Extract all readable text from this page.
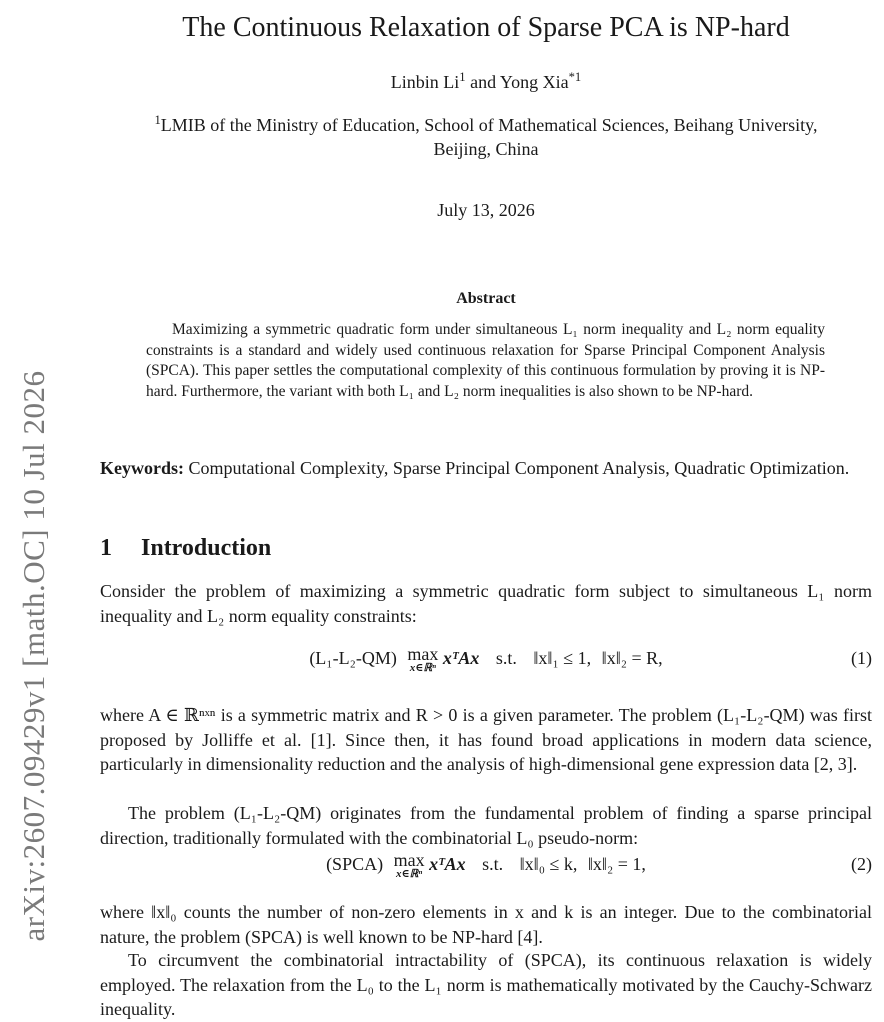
arXiv:2607.09429v1 [math.OC] 10 Jul 2026
The Continuous Relaxation of Sparse PCA is NP-hard
Linbin Li$^1$ and Yong Xia$^{*1}$
$^1$LMIB of the Ministry of Education, School of Mathematical Sciences, Beihang University, Beijing, China
July 13, 2026
Abstract
Maximizing a symmetric quadratic form under simultaneous L₁ norm inequality and L₂ norm equality constraints is a standard and widely used continuous relaxation for Sparse Principal Component Analysis (SPCA). This paper settles the computational complexity of this continuous formulation by proving it is NP-hard. Furthermore, the variant with both L₁ and L₂ norm inequalities is also shown to be NP-hard.
Keywords: Computational Complexity, Sparse Principal Component Analysis, Quadratic Optimization.
1 Introduction
Consider the problem of maximizing a symmetric quadratic form subject to simultaneous L₁ norm inequality and L₂ norm equality constraints:
(L₁-L₂-QM) max
x∈ℝⁿ xᵀAx s.t. ‖x‖₁ ≤ 1, ‖x‖₂ = R,	(1)
where A ∈ ℝⁿˣⁿ is a symmetric matrix and R > 0 is a given parameter. The problem (L₁-L₂-QM) was first proposed by Jolliffe et al. [1]. Since then, it has found broad applications in modern data science, particularly in dimensionality reduction and the analysis of high-dimensional gene expression data [2, 3].
The problem (L₁-L₂-QM) originates from the fundamental problem of finding a sparse principal direction, traditionally formulated with the combinatorial L₀ pseudo-norm:
(SPCA) max
x∈ℝⁿ xᵀAx s.t. ‖x‖₀ ≤ k, ‖x‖₂ = 1,	(2)
where ‖x‖₀ counts the number of non-zero elements in x and k is an integer. Due to the combinatorial nature, the problem (SPCA) is well known to be NP-hard [4].
To circumvent the combinatorial intractability of (SPCA), its continuous relaxation is widely employed. The relaxation from the L₀ to the L₁ norm is mathematically motivated by the Cauchy-Schwarz inequality.
